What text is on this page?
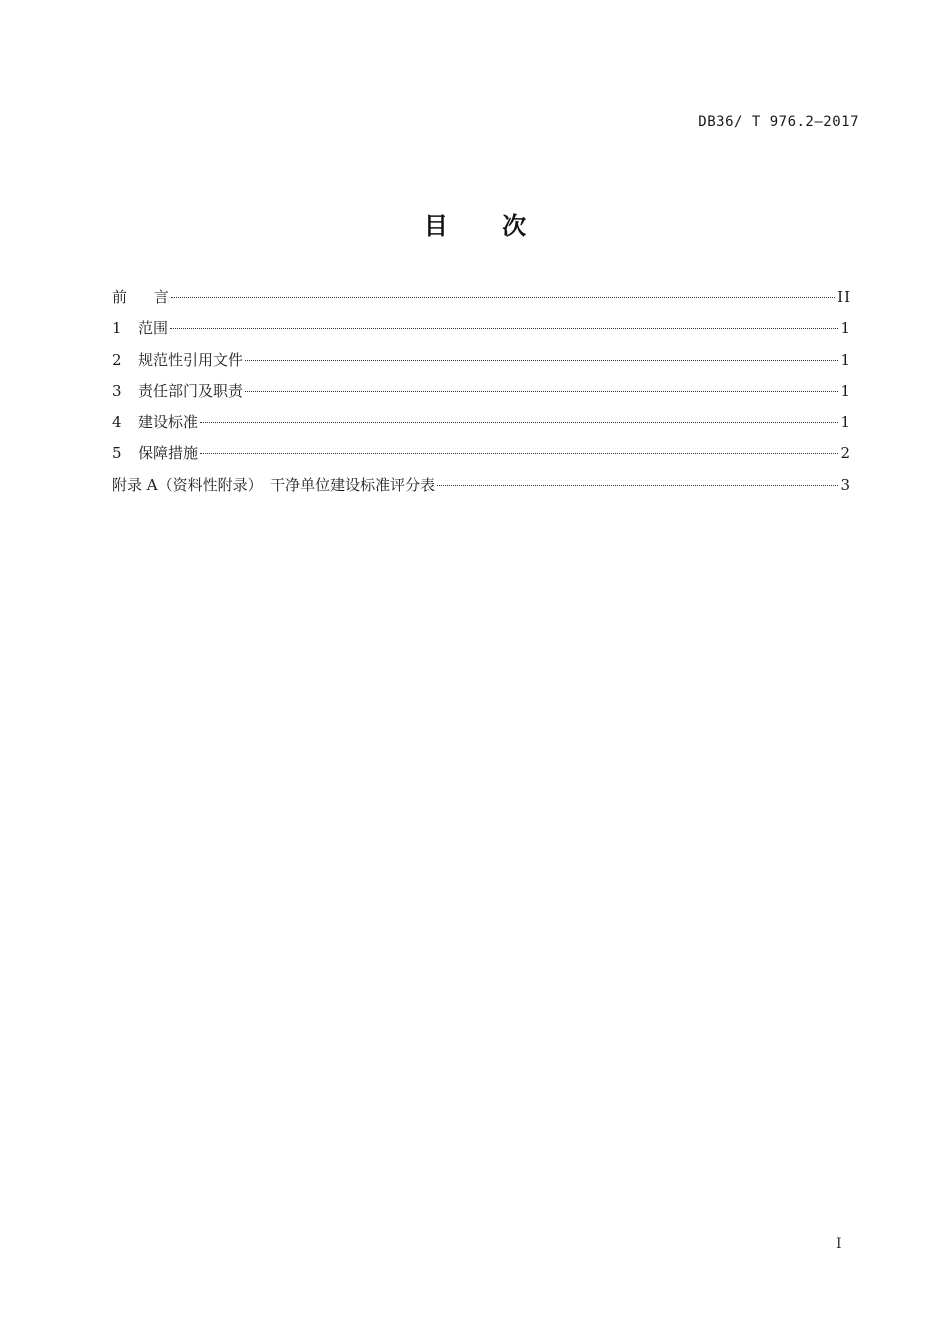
DB36/ T 976.2—2017
目 次
前 言	II
1	范围	1
2	规范性引用文件	1
3	责任部门及职责	1
4	建设标准	1
5	保障措施	2
附录 A（资料性附录）　干净单位建设标准评分表	3
I
